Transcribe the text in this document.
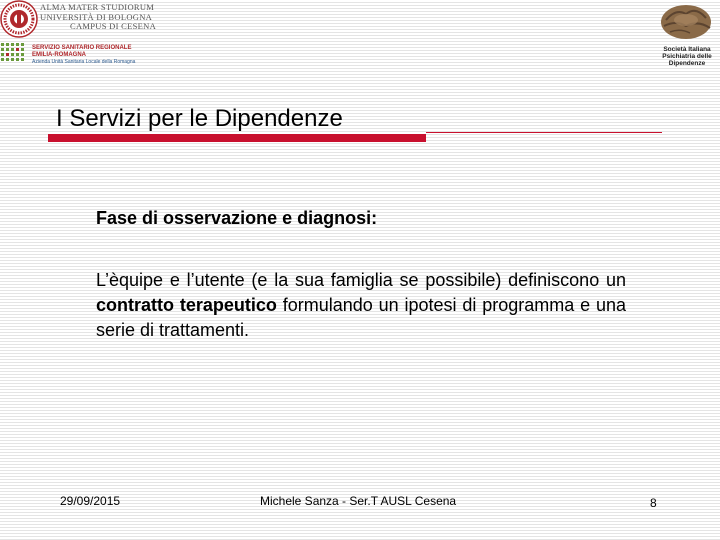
ALMA MATER STUDIORUM
UNIVERSITÀ DI BOLOGNA
CAMPUS DI CESENA
SERVIZIO SANITARIO REGIONALE
EMILIA-ROMAGNA
Azienda Unità Sanitaria Locale della Romagna
Società Italiana
Psichiatria delle
Dipendenze
I Servizi per le Dipendenze
Fase di osservazione e diagnosi:
L’èquipe e l’utente (e la sua famiglia se possibile) definiscono un contratto terapeutico formulando un ipotesi di programma e una serie di trattamenti.
29/09/2015	Michele Sanza - Ser.T AUSL Cesena	8
